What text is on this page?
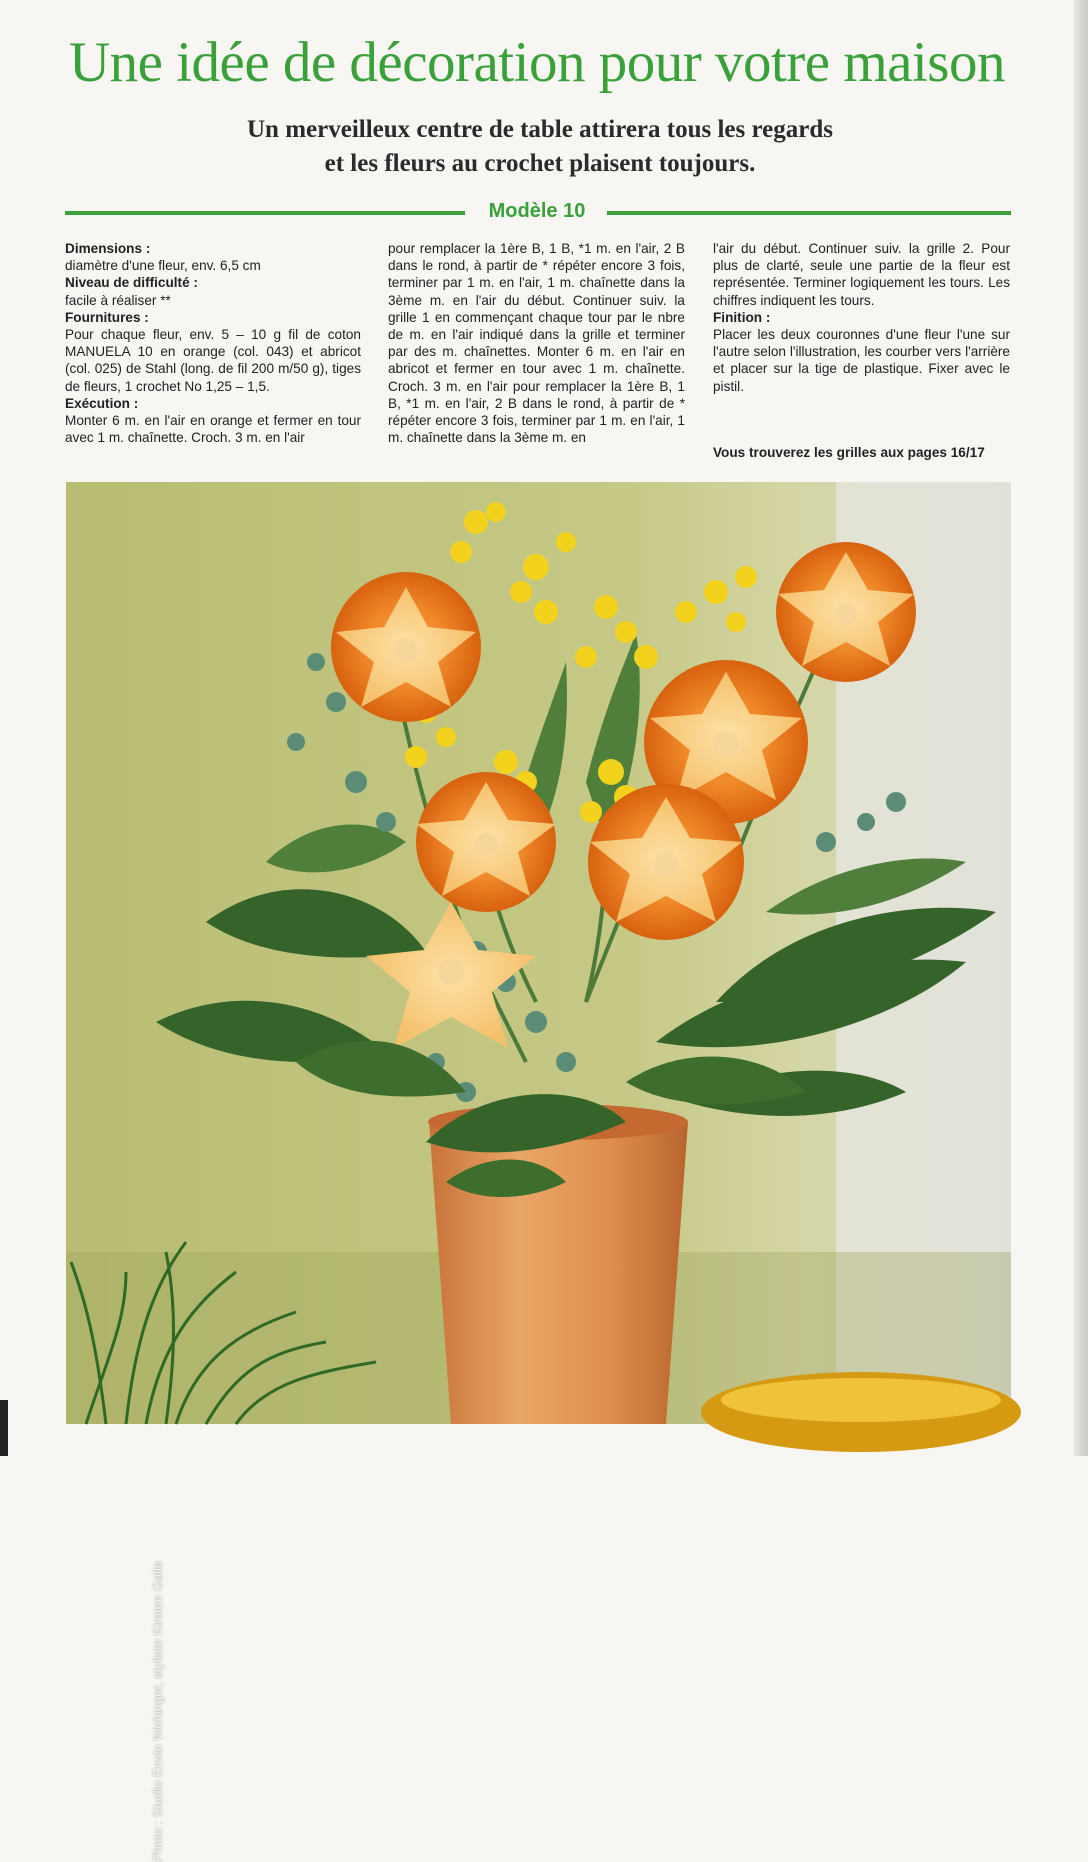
Une idée de décoration pour votre maison
Un merveilleux centre de table attirera tous les regards
et les fleurs au crochet plaisent toujours.
Modèle 10

Dimensions :

diamètre d'une fleur, env. 6,5 cm

Niveau de difficulté :

facile à réaliser **

Fournitures :

Pour chaque fleur, env. 5 – 10 g fil de coton MANUELA 10 en orange (col. 043) et abricot (col. 025) de Stahl (long. de fil 200 m/50 g), tiges de fleurs, 1 crochet No 1,25 – 1,5.

Exécution :

Monter 6 m. en l'air en orange et fermer en tour avec 1 m. chaînette. Croch. 3 m. en l'air

pour remplacer la 1ère B, 1 B, *1 m. en l'air, 2 B dans le rond, à partir de * répéter encore 3 fois, terminer par 1 m. en l'air, 1 m. chaînette dans la 3ème m. en l'air du début. Continuer suiv. la grille 1 en commençant chaque tour par le nbre de m. en l'air indiqué dans la grille et terminer par des m. chaînettes. Monter 6 m. en l'air en abricot et fermer en tour avec 1 m. chaînette. Croch. 3 m. en l'air pour remplacer la 1ère B, 1 B, *1 m. en l'air, 2 B dans le rond, à partir de * répéter encore 3 fois, terminer par 1 m. en l'air, 1 m. chaînette dans la 3ème m. en

l'air du début. Continuer suiv. la grille 2. Pour plus de clarté, seule une partie de la fleur est représentée. Terminer logiquement les tours. Les chiffres indiquent les tours.

Finition :

Placer les deux couronnes d'une fleur l'une sur l'autre selon l'illustration, les courber vers l'arrière et placer sur la tige de plastique. Fixer avec le pistil.

Vous trouverez les grilles aux pages 16/17
Photo : Studio Erwin Wehinger, styliste Kirsten Galle
